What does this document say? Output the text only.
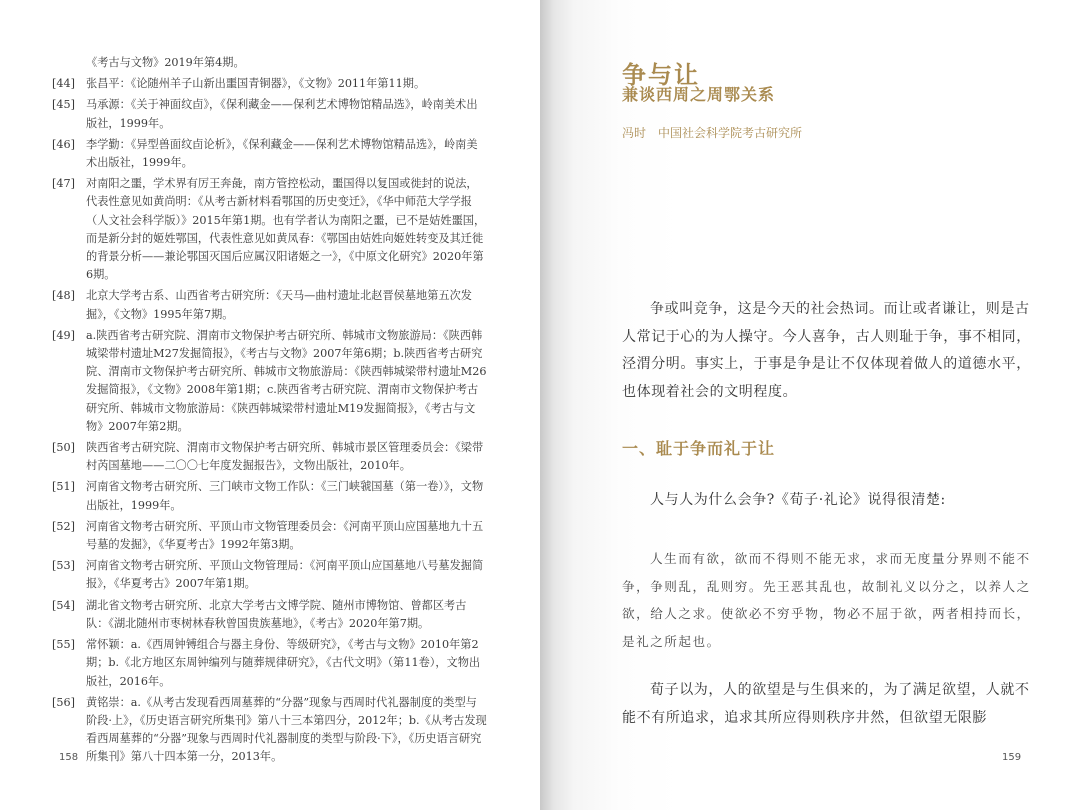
《考古与文物》2019年第4期。
[44] 张昌平：《论随州羊子山新出噩国青铜器》，《文物》2011年第11期。
[45] 马承源：《关于神面纹卣》，《保利藏金——保利艺术博物馆精品选》，岭南美术出版社，1999年。
[46] 李学勤：《异型兽面纹卣论析》，《保利藏金——保利艺术博物馆精品选》，岭南美术出版社，1999年。
[47] 对南阳之噩，学术界有厉王奔彘，南方管控松动，噩国得以复国或徙封的说法，代表性意见如黄尚明：《从考古新材料看鄂国的历史变迁》，《华中师范大学学报（人文社会科学版）》2015年第1期。也有学者认为南阳之噩，已不是姞姓噩国，而是新分封的姬姓鄂国，代表性意见如黄凤春：《鄂国由姞姓向姬姓转变及其迁徙的背景分析——兼论鄂国灭国后应属汉阳诸姬之一》，《中原文化研究》2020年第6期。
[48] 北京大学考古系、山西省考古研究所：《天马—曲村遗址北赵晋侯墓地第五次发掘》，《文物》1995年第7期。
[49] a.陕西省考古研究院、渭南市文物保护考古研究所、韩城市文物旅游局：《陕西韩城梁带村遗址M27发掘简报》，《考古与文物》2007年第6期；b.陕西省考古研究院、渭南市文物保护考古研究所、韩城市文物旅游局：《陕西韩城梁带村遗址M26发掘简报》，《文物》2008年第1期；c.陕西省考古研究院、渭南市文物保护考古研究所、韩城市文物旅游局：《陕西韩城梁带村遗址M19发掘简报》，《考古与文物》2007年第2期。
[50] 陕西省考古研究院、渭南市文物保护考古研究所、韩城市景区管理委员会：《梁带村芮国墓地——二〇〇七年度发掘报告》，文物出版社，2010年。
[51] 河南省文物考古研究所、三门峡市文物工作队：《三门峡虢国墓（第一卷）》，文物出版社，1999年。
[52] 河南省文物考古研究所、平顶山市文物管理委员会：《河南平顶山应国墓地九十五号墓的发掘》，《华夏考古》1992年第3期。
[53] 河南省文物考古研究所、平顶山文物管理局：《河南平顶山应国墓地八号墓发掘简报》，《华夏考古》2007年第1期。
[54] 湖北省文物考古研究所、北京大学考古文博学院、随州市博物馆、曾都区考古队：《湖北随州市枣树林春秋曾国贵族墓地》，《考古》2020年第7期。
[55] 常怀颖：a.《西周钟镈组合与器主身份、等级研究》，《考古与文物》2010年第2期；b.《北方地区东周钟编列与随葬规律研究》，《古代文明》（第11卷），文物出版社，2016年。
[56] 黄铭崇：a.《从考古发现看西周墓葬的“分器”现象与西周时代礼器制度的类型与阶段·上》，《历史语言研究所集刊》第八十三本第四分，2012年；b.《从考古发现看西周墓葬的“分器”现象与西周时代礼器制度的类型与阶段·下》，《历史语言研究所集刊》第八十四本第一分，2013年。
158
争与让
兼谈西周之周鄂关系
冯时　中国社会科学院考古研究所
争或叫竞争，这是今天的社会热词。而让或者谦让，则是古人常记于心的为人操守。今人喜争，古人则耻于争，事不相同，泾渭分明。事实上，于事是争是让不仅体现着做人的道德水平，也体现着社会的文明程度。
一、耻于争而礼于让
人与人为什么会争?《荀子·礼论》说得很清楚:
人生而有欲，欲而不得则不能无求，求而无度量分界则不能不争，争则乱，乱则穷。先王恶其乱也，故制礼义以分之，以养人之欲，给人之求。使欲必不穷乎物，物必不屈于欲，两者相持而长，是礼之所起也。
荀子以为，人的欲望是与生俱来的，为了满足欲望，人就不能不有所追求，追求其所应得则秩序井然，但欲望无限膨
159
